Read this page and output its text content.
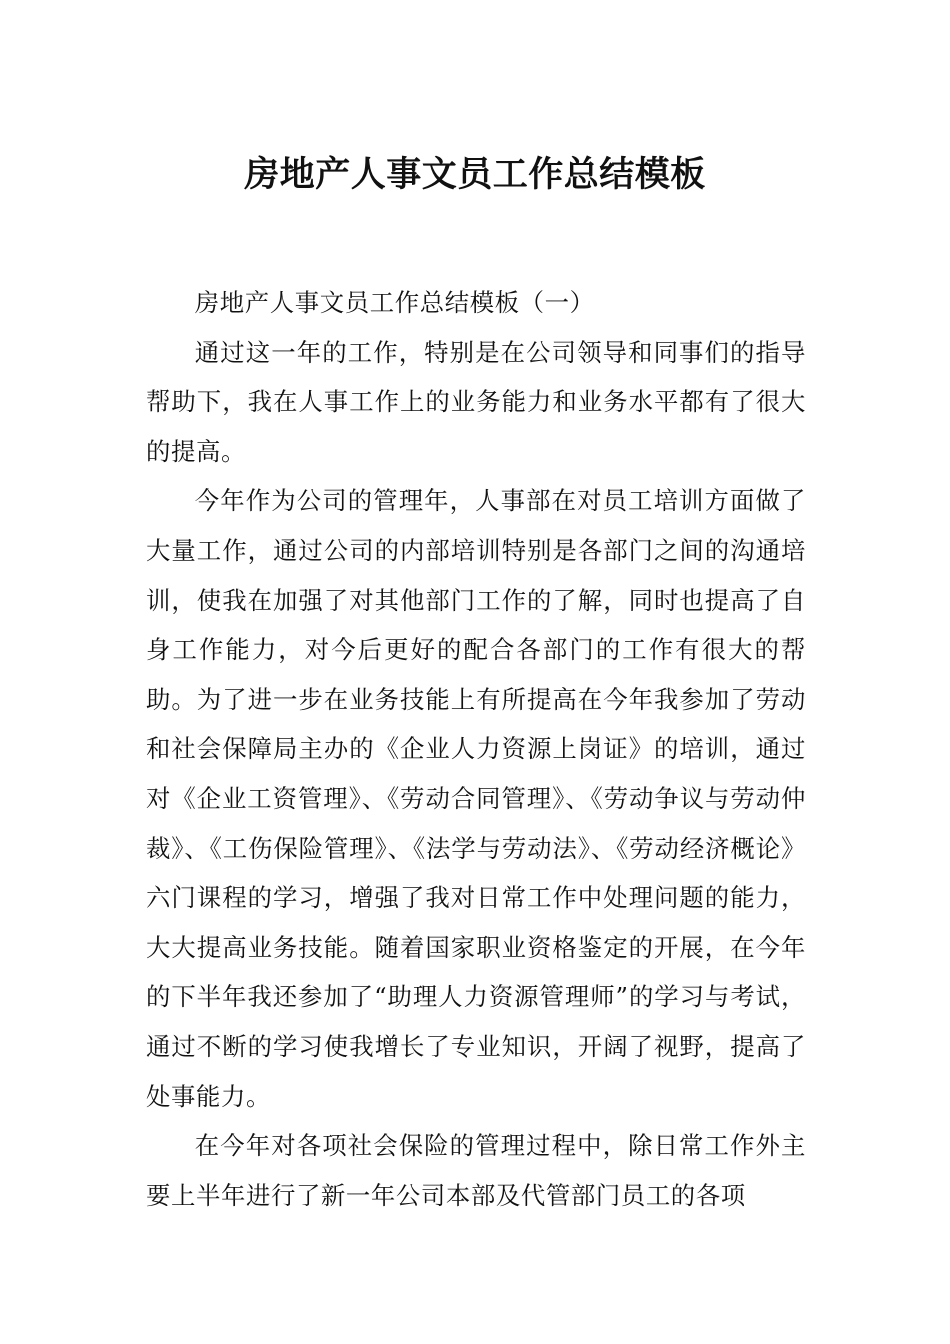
房地产人事文员工作总结模板

房地产人事文员工作总结模板（一）

通过这一年的工作，特别是在公司领导和同事们的指导帮助下，我在人事工作上的业务能力和业务水平都有了很大的提高。

今年作为公司的管理年，人事部在对员工培训方面做了大量工作，通过公司的内部培训特别是各部门之间的沟通培训，使我在加强了对其他部门工作的了解，同时也提高了自身工作能力，对今后更好的配合各部门的工作有很大的帮助。为了进一步在业务技能上有所提高在今年我参加了劳动和社会保障局主办的《企业人力资源上岗证》的培训，通过对《企业工资管理》、《劳动合同管理》、《劳动争议与劳动仲裁》、《工伤保险管理》、《法学与劳动法》、《劳动经济概论》六门课程的学习，增强了我对日常工作中处理问题的能力，大大提高业务技能。随着国家职业资格鉴定的开展，在今年的下半年我还参加了“助理人力资源管理师”的学习与考试，通过不断的学习使我增长了专业知识，开阔了视野，提高了处事能力。

在今年对各项社会保险的管理过程中，除日常工作外主要上半年进行了新一年公司本部及代管部门员工的各项
